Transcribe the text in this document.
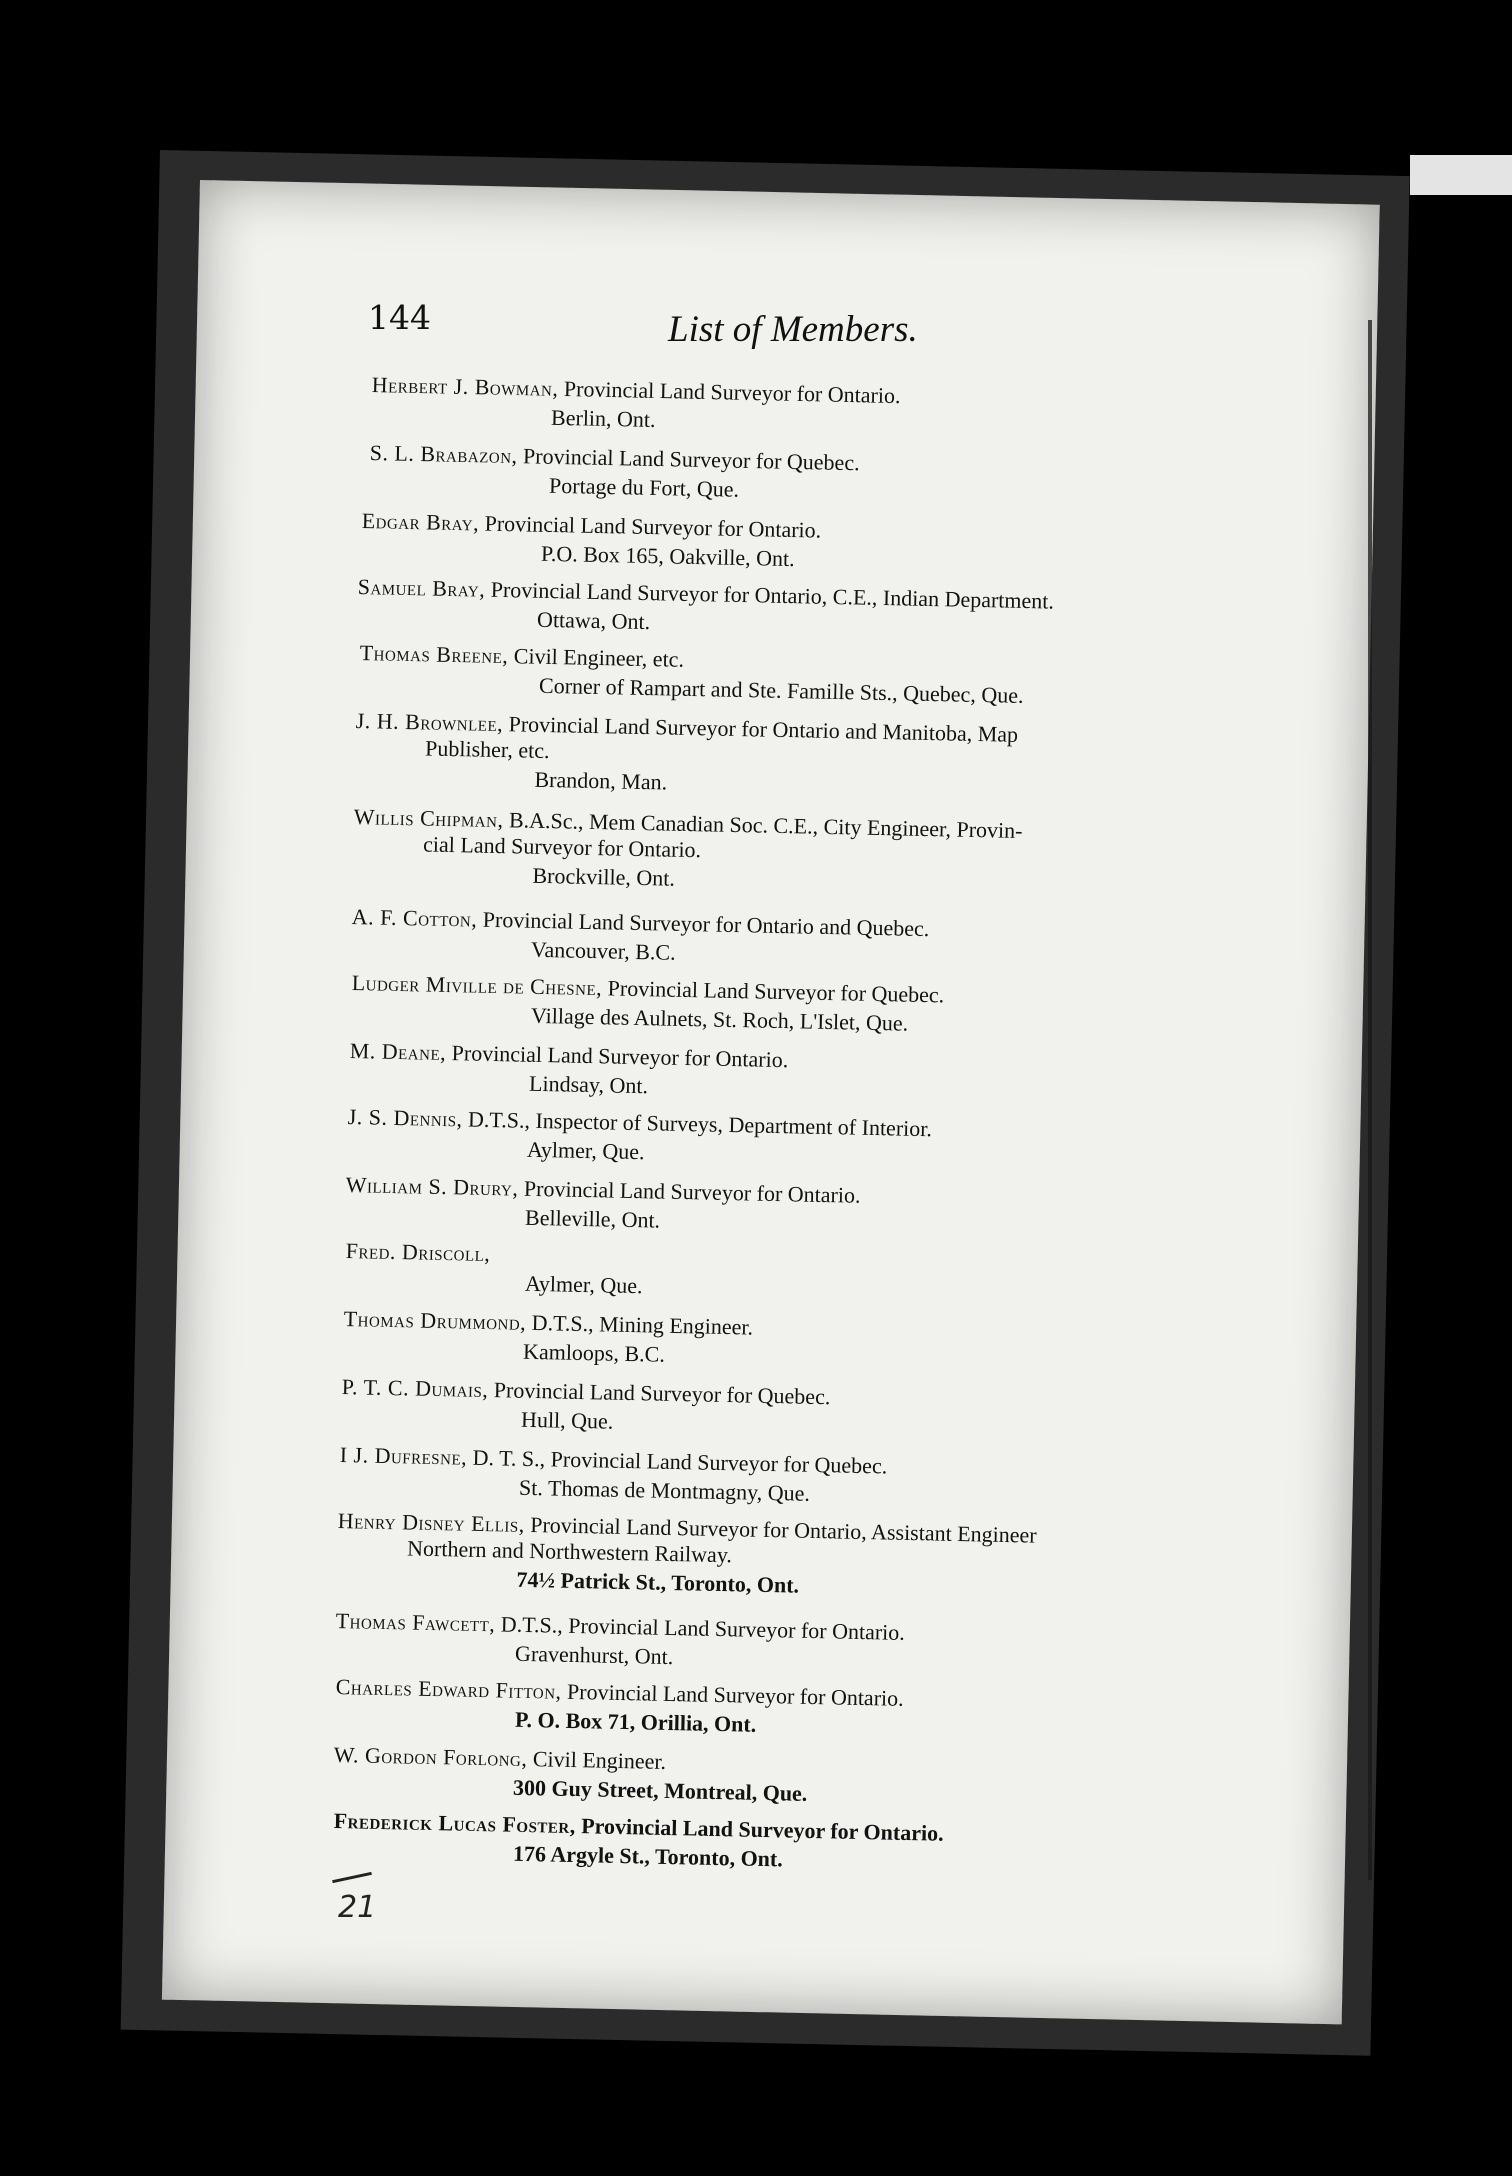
144	List of Members.
Herbert J. Bowman, Provincial Land Surveyor for Ontario.
Berlin, Ont.
S. L. Brabazon, Provincial Land Surveyor for Quebec.
Portage du Fort, Que.
Edgar Bray, Provincial Land Surveyor for Ontario.
P.O. Box 165, Oakville, Ont.
Samuel Bray, Provincial Land Surveyor for Ontario, C.E., Indian Department.
Ottawa, Ont.
Thomas Breene, Civil Engineer, etc.
Corner of Rampart and Ste. Famille Sts., Quebec, Que.
J. H. Brownlee, Provincial Land Surveyor for Ontario and Manitoba, Map
Publisher, etc.
Brandon, Man.
Willis Chipman, B.A.Sc., Mem Canadian Soc. C.E., City Engineer, Provin-
cial Land Surveyor for Ontario.
Brockville, Ont.
A. F. Cotton, Provincial Land Surveyor for Ontario and Quebec.
Vancouver, B.C.
Ludger Miville de Chesne, Provincial Land Surveyor for Quebec.
Village des Aulnets, St. Roch, L'Islet, Que.
M. Deane, Provincial Land Surveyor for Ontario.
Lindsay, Ont.
J. S. Dennis, D.T.S., Inspector of Surveys, Department of Interior.
Aylmer, Que.
William S. Drury, Provincial Land Surveyor for Ontario.
Belleville, Ont.
Fred. Driscoll,
Aylmer, Que.
Thomas Drummond, D.T.S., Mining Engineer.
Kamloops, B.C.
P. T. C. Dumais, Provincial Land Surveyor for Quebec.
Hull, Que.
I J. Dufresne, D. T. S., Provincial Land Surveyor for Quebec.
St. Thomas de Montmagny, Que.
Henry Disney Ellis, Provincial Land Surveyor for Ontario, Assistant Engineer
Northern and Northwestern Railway.
74½ Patrick St., Toronto, Ont.
Thomas Fawcett, D.T.S., Provincial Land Surveyor for Ontario.
Gravenhurst, Ont.
Charles Edward Fitton, Provincial Land Surveyor for Ontario.
P. O. Box 71, Orillia, Ont.
W. Gordon Forlong, Civil Engineer.
300 Guy Street, Montreal, Que.
Frederick Lucas Foster, Provincial Land Surveyor for Ontario.
176 Argyle St., Toronto, Ont.
21
